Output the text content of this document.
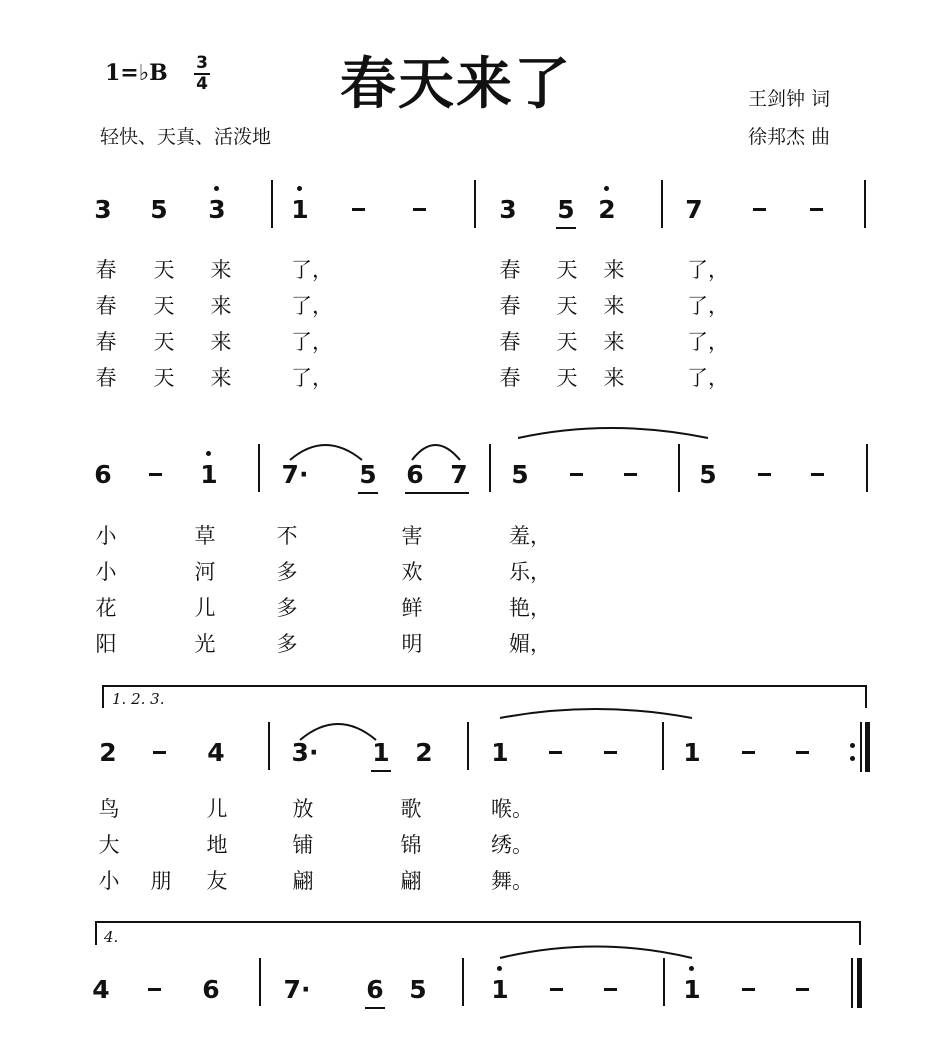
1=♭B 3
4 春天来了
轻快、天真、活泼地
王剑钟 词
徐邦杰 曲
3 5 3	1	3 5 2	7
春 天 来	了，	春 天 来	了，
春 天 来	了，	春 天 来	了，
春 天 来	了，	春 天 来	了，
春 天 来	了，	春 天 来	了，
6	1	7· 5 6 7 5	5
小	草	不	害	羞，
小	河	多	欢	乐，
花	儿	多	鲜	艳，
阳	光	多	明	媚，
1. 2. 3.
2	4	3· 1 2 1	1
鸟	儿	放	歌	喉。
大	地	铺	锦	绣。
小 朋 友	翩	翩	舞。
4.
4	6	7· 6 5	1	1
